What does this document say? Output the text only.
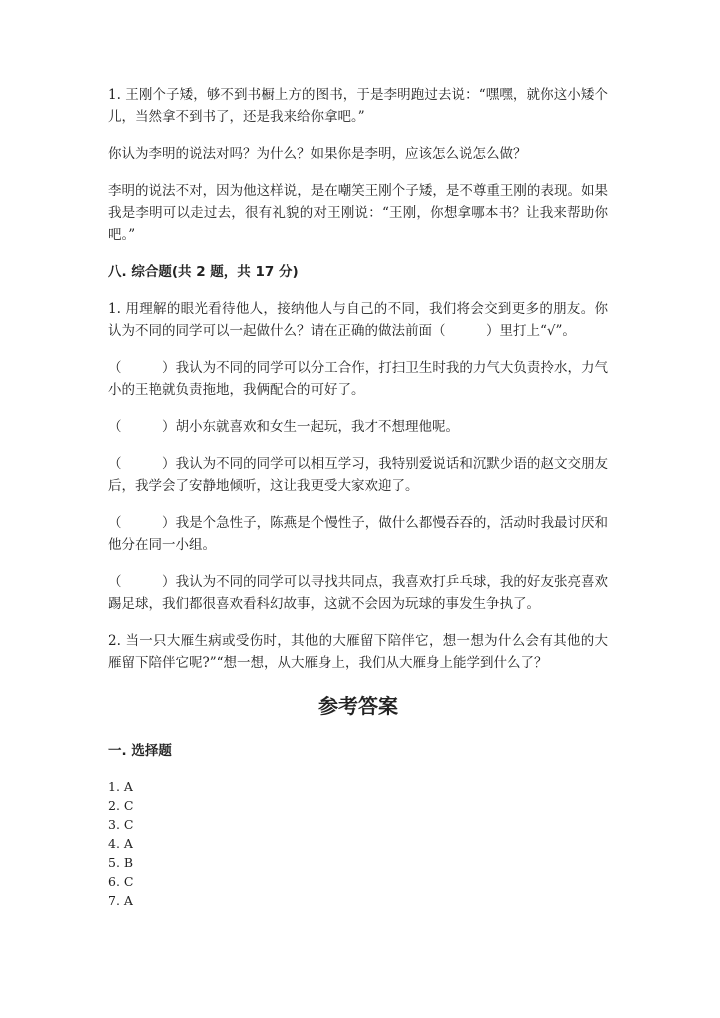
1. 王刚个子矮，够不到书橱上方的图书，于是李明跑过去说：“嘿嘿，就你这小矮个儿，当然拿不到书了，还是我来给你拿吧。”

你认为李明的说法对吗？为什么？如果你是李明，应该怎么说怎么做？

李明的说法不对，因为他这样说，是在嘲笑王刚个子矮，是不尊重王刚的表现。如果我是李明可以走过去，很有礼貌的对王刚说：“王刚，你想拿哪本书？让我来帮助你吧。”

八. 综合题(共 2 题，共 17 分)

1. 用理解的眼光看待他人，接纳他人与自己的不同，我们将会交到更多的朋友。你认为不同的同学可以一起做什么？请在正确的做法前面（　　　）里打上“√”。

（　　　）我认为不同的同学可以分工合作，打扫卫生时我的力气大负责拎水，力气小的王艳就负责拖地，我俩配合的可好了。

（　　　）胡小东就喜欢和女生一起玩，我才不想理他呢。

（　　　）我认为不同的同学可以相互学习，我特别爱说话和沉默少语的赵文交朋友后，我学会了安静地倾听，这让我更受大家欢迎了。

（　　　）我是个急性子，陈燕是个慢性子，做什么都慢吞吞的，活动时我最讨厌和他分在同一小组。

（　　　）我认为不同的同学可以寻找共同点，我喜欢打乒乓球，我的好友张亮喜欢踢足球，我们都很喜欢看科幻故事，这就不会因为玩球的事发生争执了。

2. 当一只大雁生病或受伤时，其他的大雁留下陪伴它，想一想为什么会有其他的大雁留下陪伴它呢?”“想一想，从大雁身上，我们从大雁身上能学到什么了？

参考答案
一. 选择题
1. A
2. C
3. C
4. A
5. B
6. C
7. A
